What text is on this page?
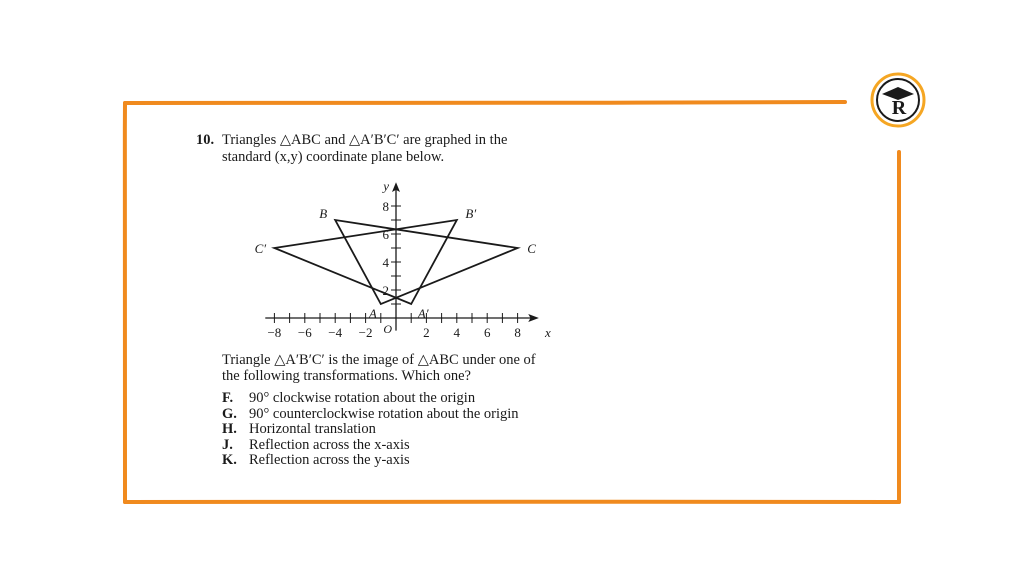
R
10. Triangles △ABC and △A′B′C′ are graphed in the
standard (x,y) coordinate plane below.
−8 −6 −4 −2	2 4 6 8
2
4
6
8
x
y
O
A
B
C
A′
B′
C′
Triangle △A′B′C′ is the image of △ABC under one of
the following transformations. Which one?
F. 90° clockwise rotation about the origin
G. 90° counterclockwise rotation about the origin
H. Horizontal translation
J. Reflection across the x-axis
K. Reflection across the y-axis
